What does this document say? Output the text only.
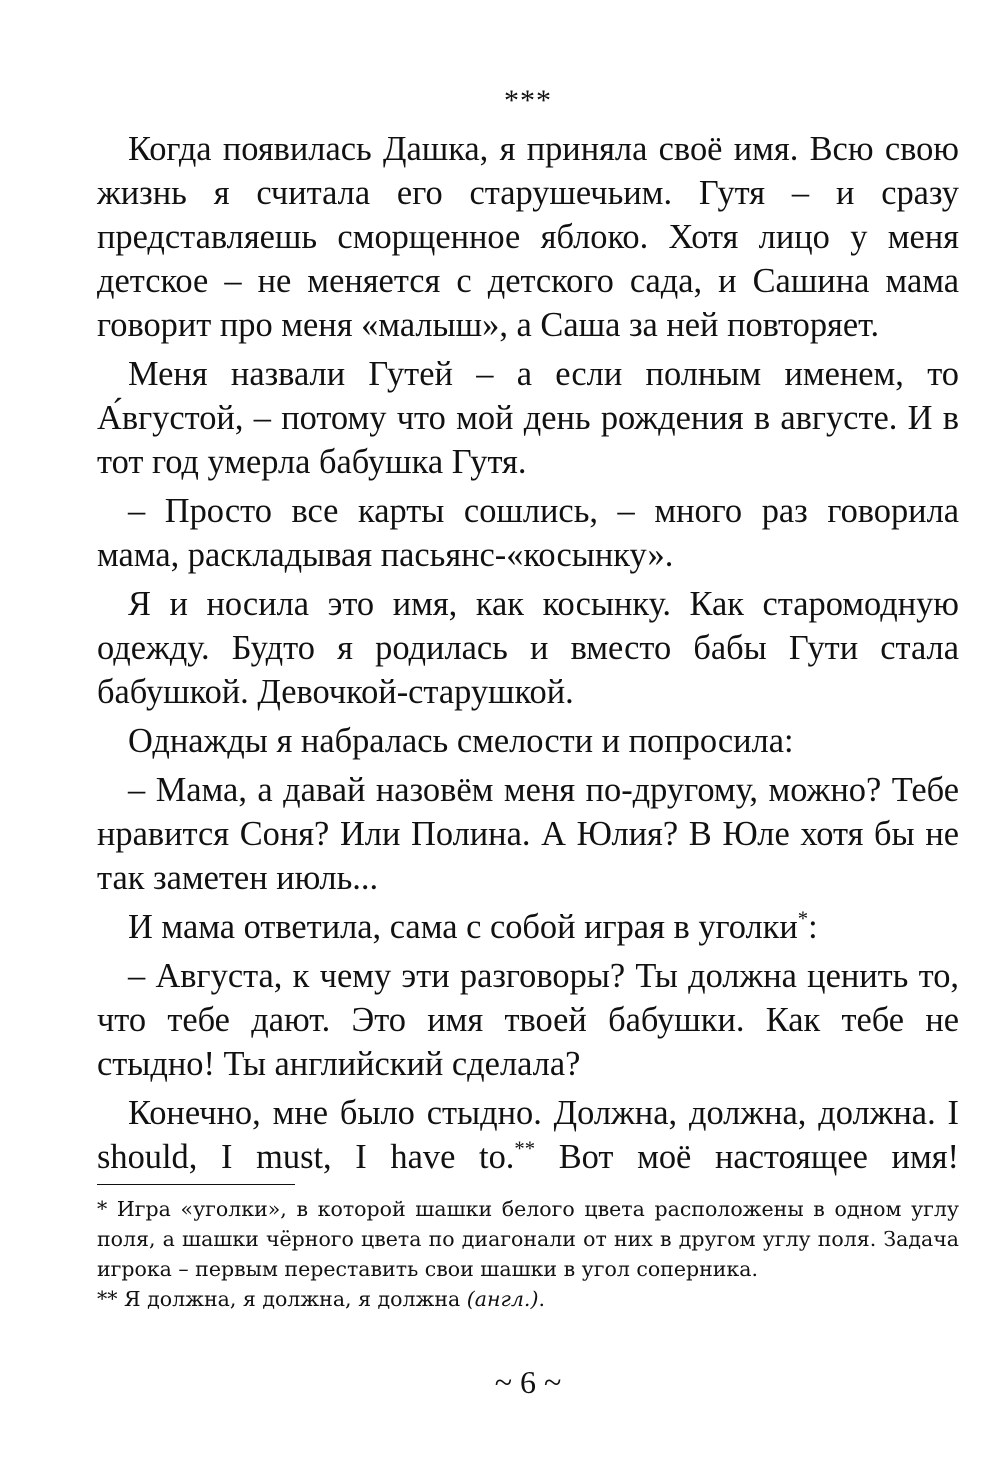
***

Когда появилась Дашка, я приняла своё имя. Всю свою жизнь я считала его старушечьим. Гутя – и сразу представляешь сморщенное яблоко. Хотя лицо у меня детское – не меняется с детского сада, и Сашина мама говорит про меня «малыш», а Саша за ней повторяет.

Меня назвали Гутей – а если полным именем, то А́вгустой, – потому что мой день рождения в августе. И в тот год умерла бабушка Гутя.

– Просто все карты сошлись, – много раз говорила мама, раскладывая пасьянс-«косынку».

Я и носила это имя, как косынку. Как старомодную одежду. Будто я родилась и вместо бабы Гути стала бабушкой. Девочкой-старушкой.

Однажды я набралась смелости и попросила:

– Мама, а давай назовём меня по-другому, можно? Тебе нравится Соня? Или Полина. А Юлия? В Юле хотя бы не так заметен июль...

И мама ответила, сама с собой играя в уголки*:

– Августа, к чему эти разговоры? Ты должна ценить то, что тебе дают. Это имя твоей бабушки. Как тебе не стыдно! Ты английский сделала?

Конечно, мне было стыдно. Должна, должна, должна. I should, I must, I have to.** Вот моё настоящее имя!

* Игра «уголки», в которой шашки белого цвета расположены в одном углу поля, а шашки чёрного цвета по диагонали от них в другом углу поля. Задача игрока – первым переставить свои шашки в угол соперника.

** Я должна, я должна, я должна (англ.).

~ 6 ~
